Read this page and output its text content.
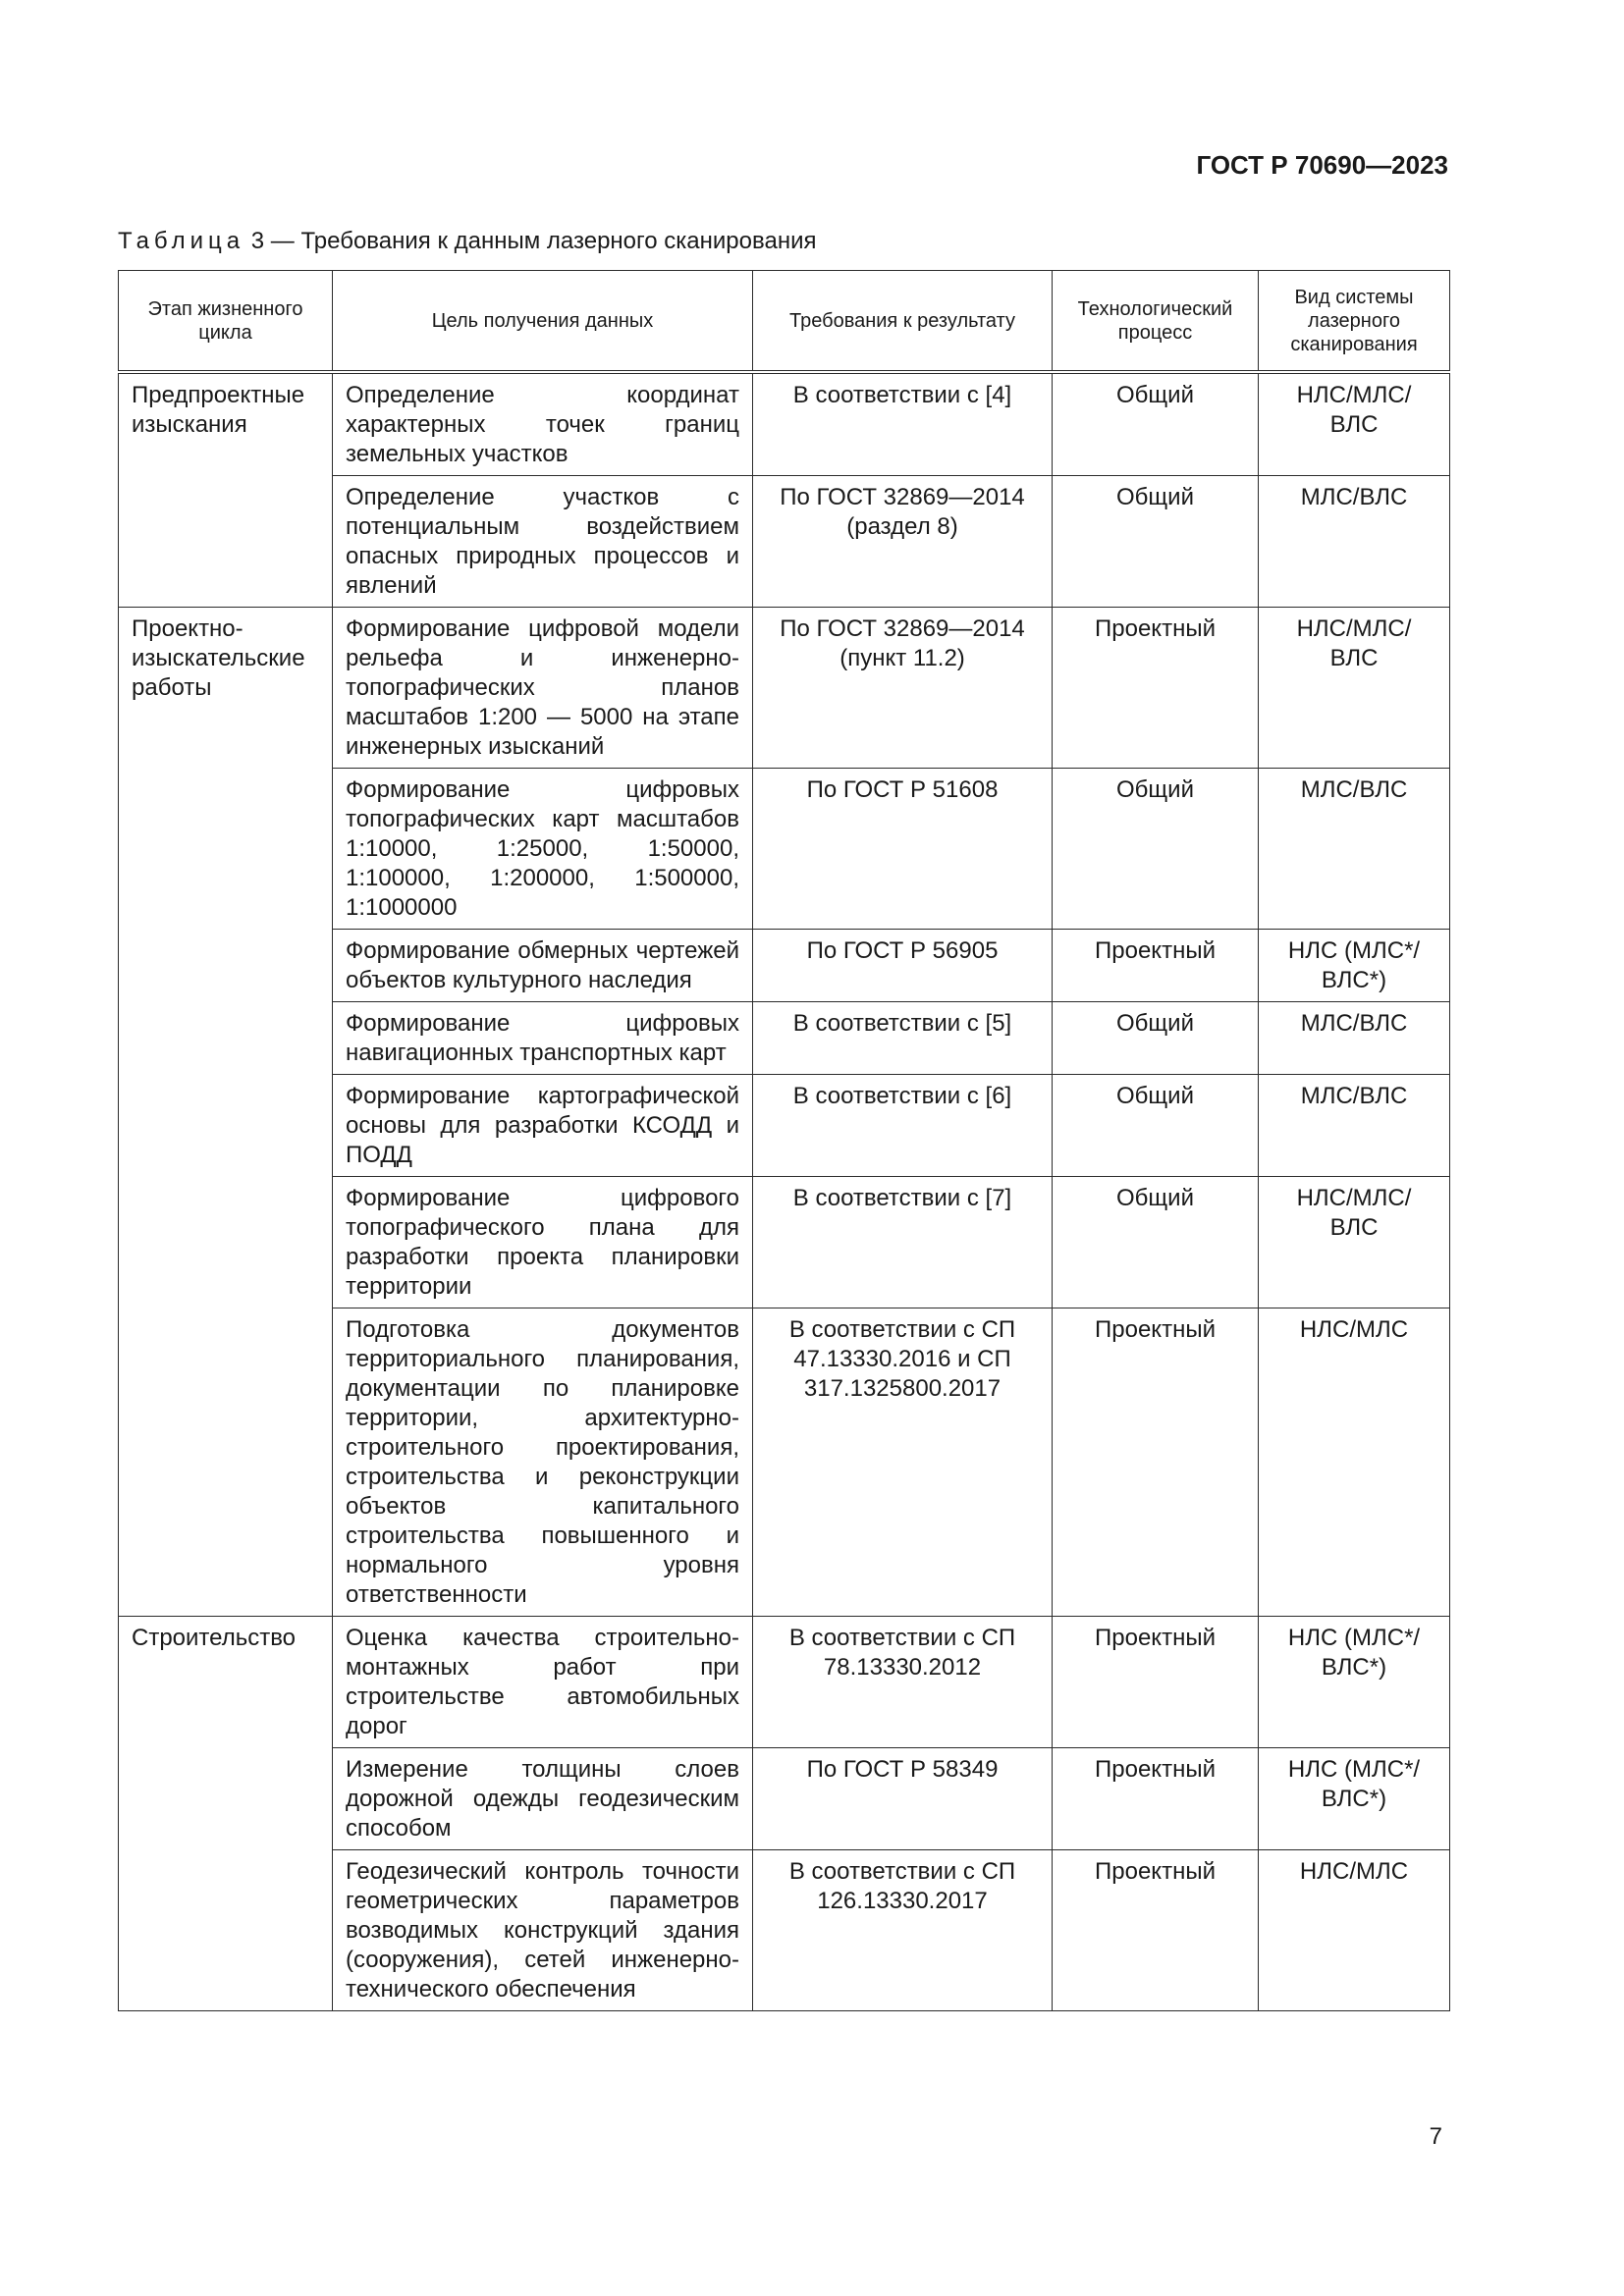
ГОСТ Р 70690—2023
Таблица 3 — Требования к данным лазерного сканирования
Этап жизненного цикла	Цель получения данных	Требования к результату	Технологический процесс	Вид системы лазерного сканирования
Предпроектные изыскания	Определение координат характерных точек границ земельных участков	В соответствии с [4]	Общий	НЛС/МЛС/ ВЛС
	Определение участков с потенциальным воздействием опасных природных процессов и явлений	По ГОСТ 32869—2014 (раздел 8)	Общий	МЛС/ВЛС
Проектно-изыскательские работы	Формирование цифровой модели рельефа и инженерно-топографических планов масштабов 1:200 — 5000 на этапе инженерных изысканий	По ГОСТ 32869—2014 (пункт 11.2)	Проектный	НЛС/МЛС/ ВЛС
	Формирование цифровых топографических карт масштабов 1:10000, 1:25000, 1:50000, 1:100000, 1:200000, 1:500000, 1:1000000	По ГОСТ Р 51608	Общий	МЛС/ВЛС
	Формирование обмерных чертежей объектов культурного наследия	По ГОСТ Р 56905	Проектный	НЛС (МЛС*/ВЛС*)
	Формирование цифровых навигационных транспортных карт	В соответствии с [5]	Общий	МЛС/ВЛС
	Формирование картографической основы для разработки КСОДД и ПОДД	В соответствии с [6]	Общий	МЛС/ВЛС
	Формирование цифрового топографического плана для разработки проекта планировки территории	В соответствии с [7]	Общий	НЛС/МЛС/ ВЛС
	Подготовка документов территориального планирования, документации по планировке территории, архитектурно-строительного проектирования, строительства и реконструкции объектов капитального строительства повышенного и нормального уровня ответственности	В соответствии с СП 47.13330.2016 и СП 317.1325800.2017	Проектный	НЛС/МЛС
Строительство	Оценка качества строительно-монтажных работ при строительстве автомобильных дорог	В соответствии с СП 78.13330.2012	Проектный	НЛС (МЛС*/ ВЛС*)
	Измерение толщины слоев дорожной одежды геодезическим способом	По ГОСТ Р 58349	Проектный	НЛС (МЛС*/ ВЛС*)
	Геодезический контроль точности геометрических параметров возводимых конструкций здания (сооружения), сетей инженерно-технического обеспечения	В соответствии с СП 126.13330.2017	Проектный	НЛС/МЛС
7
